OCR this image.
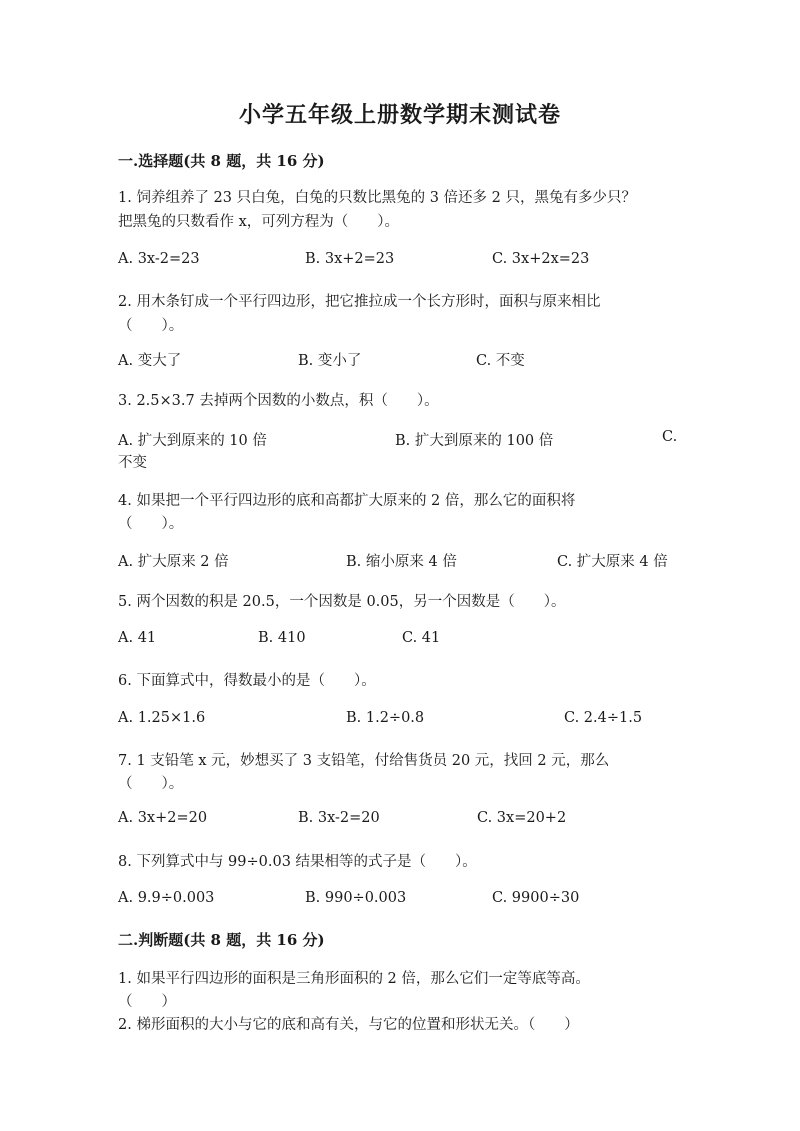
小学五年级上册数学期末测试卷
一.选择题(共 8 题，共 16 分)
1. 饲养组养了 23 只白兔，白兔的只数比黑兔的 3 倍还多 2 只，黑兔有多少只？
把黑兔的只数看作 x，可列方程为（　　）。
A. 3x-2=23	B. 3x+2=23	C. 3x+2x=23
2. 用木条钉成一个平行四边形，把它推拉成一个长方形时，面积与原来相比
（　　）。
A. 变大了	B. 变小了	C. 不变
3. 2.5×3.7 去掉两个因数的小数点，积（　　）。
A. 扩大到原来的 10 倍	B. 扩大到原来的 100 倍	C.
不变
4. 如果把一个平行四边形的底和高都扩大原来的 2 倍，那么它的面积将
（　　）。
A. 扩大原来 2 倍	B. 缩小原来 4 倍	C. 扩大原来 4 倍
5. 两个因数的积是 20.5，一个因数是 0.05，另一个因数是（　　）。
A. 41	B. 410	C. 41
6. 下面算式中，得数最小的是（　　）。
A. 1.25×1.6	B. 1.2÷0.8	C. 2.4÷1.5
7. 1 支铅笔 x 元，妙想买了 3 支铅笔，付给售货员 20 元，找回 2 元，那么
（　　）。
A. 3x+2=20	B. 3x-2=20	C. 3x=20+2
8. 下列算式中与 99÷0.03 结果相等的式子是（　　）。
A. 9.9÷0.003	B. 990÷0.003	C. 9900÷30
二.判断题(共 8 题，共 16 分)
1. 如果平行四边形的面积是三角形面积的 2 倍，那么它们一定等底等高。
（　　）
2. 梯形面积的大小与它的底和高有关，与它的位置和形状无关。（　　）
